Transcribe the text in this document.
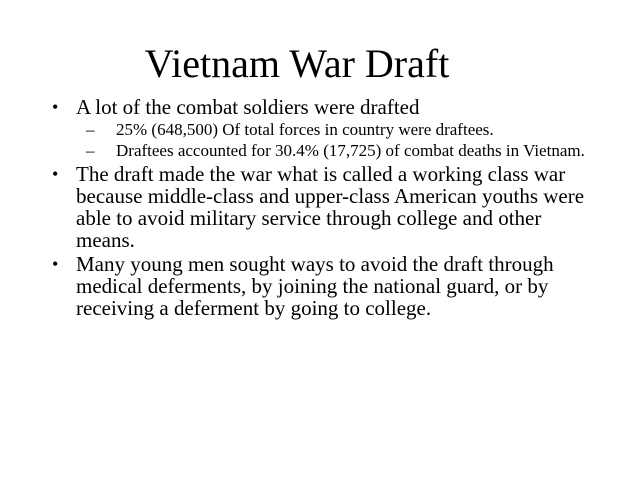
Vietnam War Draft
• A lot of the combat soldiers were drafted
– 25% (648,500) Of total forces in country were draftees.
– Draftees accounted for 30.4% (17,725) of combat deaths in Vietnam.
• The draft made the war what is called a working class war because middle-class and upper-class American youths were able to avoid military service through college and other means.
• Many young men sought ways to avoid the draft through medical deferments, by joining the national guard, or by receiving a deferment by going to college.
